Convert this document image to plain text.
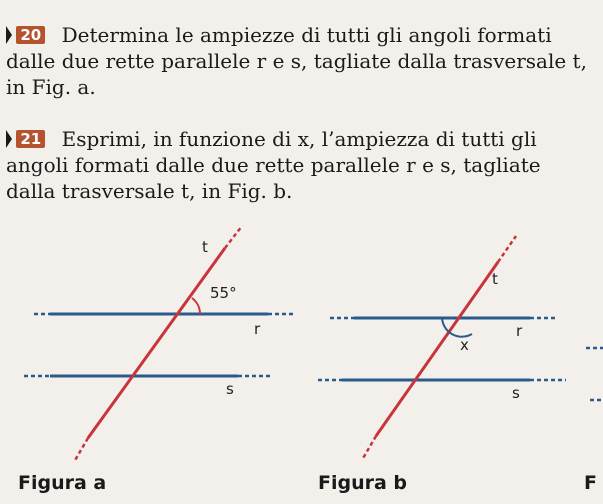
20 Determina le ampiezze di tutti gli angoli formati dalle due rette parallele r e s, tagliate dalla trasversale t, in Fig. a.
21 Esprimi, in funzione di x, l’ampiezza di tutti gli angoli formati dalle due rette parallele r e s, tagliate dalla trasversale t, in Fig. b.
t
55°
r
s
t
r
x
s
Figura a	Figura b	F
